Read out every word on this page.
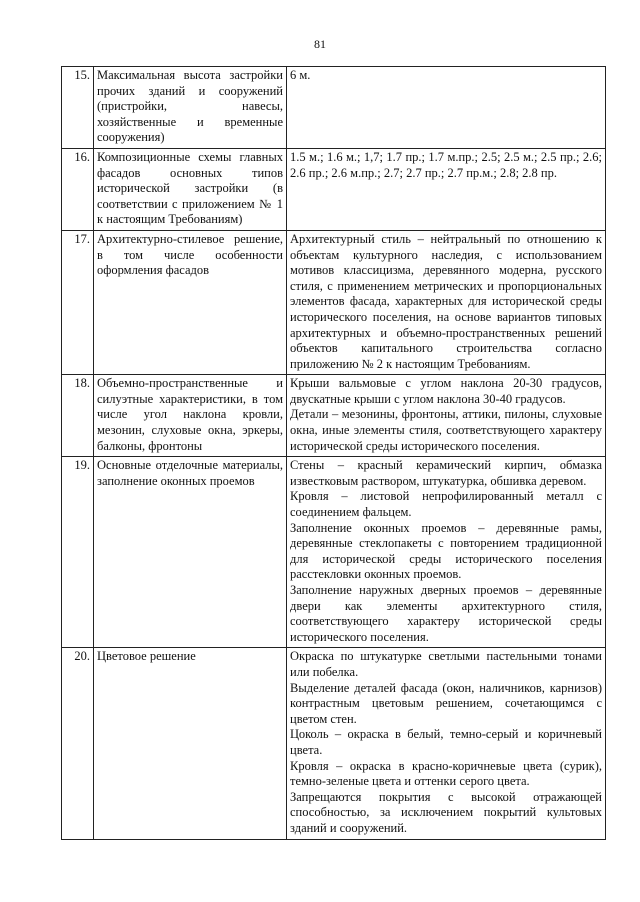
81
15.	Максимальная высота застройки прочих зданий и сооружений (пристройки, навесы, хозяйственные и временные сооружения)	6 м.

16.	Композиционные схемы главных фасадов основных типов исторической застройки (в соответствии с приложением № 1 к настоящим Требованиям)	1.5 м.; 1.6 м.; 1,7; 1.7 пр.; 1.7 м.пр.; 2.5; 2.5 м.; 2.5 пр.; 2.6; 2.6 пр.; 2.6 м.пр.; 2.7; 2.7 пр.; 2.7 пр.м.; 2.8; 2.8 пр.

17.	Архитектурно-стилевое решение, в том числе особенности оформления фасадов	Архитектурный стиль – нейтральный по отношению к объектам культурного наследия, с использованием мотивов классицизма, деревянного модерна, русского стиля, с применением метрических и пропорциональных элементов фасада, характерных для исторической среды исторического поселения, на основе вариантов типовых архитектурных и объемно-пространственных решений объектов капитального строительства согласно приложению № 2 к настоящим Требованиям.

18.	Объемно-пространственные и силуэтные характеристики, в том числе угол наклона кровли, мезонин, слуховые окна, эркеры, балконы, фронтоны	Крыши вальмовые с углом наклона 20-30 градусов, двускатные крыши с углом наклона 30-40 градусов.

Детали – мезонины, фронтоны, аттики, пилоны, слуховые окна, иные элементы стиля, соответствующего характеру исторической среды исторического поселения.

19.	Основные отделочные материалы, заполнение оконных проемов	Стены – красный керамический кирпич, обмазка известковым раствором, штукатурка, обшивка деревом.

Кровля – листовой непрофилированный металл с соединением фальцем.

Заполнение оконных проемов – деревянные рамы, деревянные стеклопакеты с повторением традиционной для исторической среды исторического поселения расстекловки оконных проемов.

Заполнение наружных дверных проемов – деревянные двери как элементы архитектурного стиля, соответствующего характеру исторической среды исторического поселения.

20.	Цветовое решение	Окраска по штукатурке светлыми пастельными тонами или побелка.

Выделение деталей фасада (окон, наличников, карнизов) контрастным цветовым решением, сочетающимся с цветом стен.

Цоколь – окраска в белый, темно-серый и коричневый цвета.

Кровля – окраска в красно-коричневые цвета (сурик), темно-зеленые цвета и оттенки серого цвета.

Запрещаются покрытия с высокой отражающей способностью, за исключением покрытий культовых зданий и сооружений.
